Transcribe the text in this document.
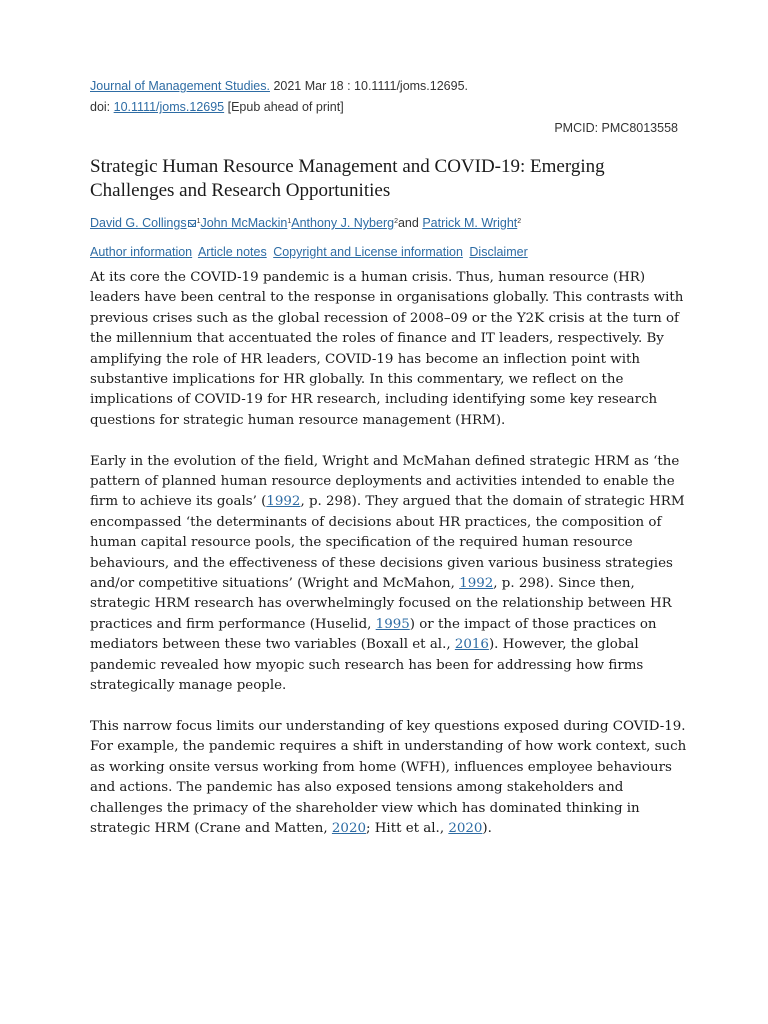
Journal of Management Studies. 2021 Mar 18 : 10.1111/joms.12695.
doi: 10.1111/joms.12695 [Epub ahead of print]
PMCID: PMC8013558
Strategic Human Resource Management and COVID-19: Emerging Challenges and Research Opportunities
David G. Collings $^1$John McMackin$^1$Anthony J. Nyberg$^2$and Patrick M. Wright$^2$
Author information Article notes Copyright and License information Disclaimer

At its core the COVID-19 pandemic is a human crisis. Thus, human resource (HR) leaders have been central to the response in organisations globally. This contrasts with previous crises such as the global recession of 2008–09 or the Y2K crisis at the turn of the millennium that accentuated the roles of finance and IT leaders, respectively. By amplifying the role of HR leaders, COVID-19 has become an inflection point with substantive implications for HR globally. In this commentary, we reflect on the implications of COVID-19 for HR research, including identifying some key research questions for strategic human resource management (HRM).

Early in the evolution of the field, Wright and McMahan defined strategic HRM as ‘the pattern of planned human resource deployments and activities intended to enable the firm to achieve its goals’ (1992, p. 298). They argued that the domain of strategic HRM encompassed ‘the determinants of decisions about HR practices, the composition of human capital resource pools, the specification of the required human resource behaviours, and the effectiveness of these decisions given various business strategies and/or competitive situations’ (Wright and McMahon, 1992, p. 298). Since then, strategic HRM research has overwhelmingly focused on the relationship between HR practices and firm performance (Huselid, 1995) or the impact of those practices on mediators between these two variables (Boxall et al., 2016). However, the global pandemic revealed how myopic such research has been for addressing how firms strategically manage people.

This narrow focus limits our understanding of key questions exposed during COVID-19. For example, the pandemic requires a shift in understanding of how work context, such as working onsite versus working from home (WFH), influences employee behaviours and actions. The pandemic has also exposed tensions among stakeholders and challenges the primacy of the shareholder view which has dominated thinking in strategic HRM (Crane and Matten, 2020; Hitt et al., 2020).
